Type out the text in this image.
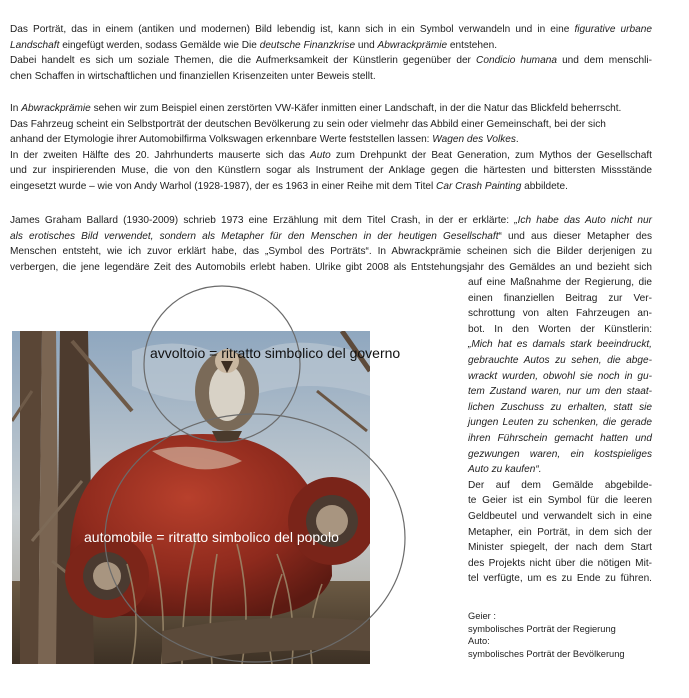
Das Porträt, das in einem (antiken und modernen) Bild lebendig ist, kann sich in ein Symbol verwandeln und in eine figurative urbane
Landschaft eingefügt werden, sodass Gemälde wie Die deutsche Finanzkrise und Abwrackprämie entstehen.
Dabei handelt es sich um soziale Themen, die die Aufmerksamkeit der Künstlerin gegenüber der Condicio humana und dem menschli-
chen Schaffen in wirtschaftlichen und finanziellen Krisenzeiten unter Beweis stellt.
In Abwrackprämie sehen wir zum Beispiel einen zerstörten VW-Käfer inmitten einer Landschaft, in der die Natur das Blickfeld beherrscht.
Das Fahrzeug scheint ein Selbstporträt der deutschen Bevölkerung zu sein oder vielmehr das Abbild einer Gemeinschaft, bei der sich
anhand der Etymologie ihrer Automobilfirma Volkswagen erkennbare Werte feststellen lassen: Wagen des Volkes.
In der zweiten Hälfte des 20. Jahrhunderts mauserte sich das Auto zum Drehpunkt der Beat Generation, zum Mythos der Gesellschaft
und zur inspirierenden Muse, die von den Künstlern sogar als Instrument der Anklage gegen die härtesten und bittersten Missstände
eingesetzt wurde – wie von Andy Warhol (1928-1987), der es 1963 in einer Reihe mit dem Titel Car Crash Painting abbildete.
James Graham Ballard (1930-2009) schrieb 1973 eine Erzählung mit dem Titel Crash, in der er erklärte: „Ich habe das Auto nicht nur
als erotisches Bild verwendet, sondern als Metapher für den Menschen in der heutigen Gesellschaft“ und aus dieser Metapher des
Menschen entsteht, wie ich zuvor erklärt habe, das „Symbol des Porträts“. In Abwrackprämie scheinen sich die Bilder derjenigen zu
verbergen, die jene legendäre Zeit des Automobils erlebt haben. Ulrike gibt 2008 als Entstehungsjahr des Gemäldes an und bezieht sich
auf eine Maßnahme der Regierung, die
einen finanziellen Beitrag zur Ver-
schrottung von alten Fahrzeugen an-
bot. In den Worten der Künstlerin:
„Mich hat es damals stark beeindruckt,
gebrauchte Autos zu sehen, die abge-
wrackt wurden, obwohl sie noch in gu-
tem Zustand waren, nur um den staat-
lichen Zuschuss zu erhalten, statt sie
jungen Leuten zu schenken, die gerade
ihren Führschein gemacht hatten und
gezwungen waren, ein kostspieliges
Auto zu kaufen“.
Der auf dem Gemälde abgebilde-
te Geier ist ein Symbol für die leeren
Geldbeutel und verwandelt sich in eine
Metapher, ein Porträt, in dem sich der
Minister spiegelt, der nach dem Start
des Projekts nicht über die nötigen Mit-
tel verfügte, um es zu Ende zu führen.
Geier :
symbolisches Porträt der Regierung
Auto:
symbolisches Porträt der Bevölkerung
avvoltoio = ritratto simbolico del governo
automobile = ritratto simbolico del popolo
